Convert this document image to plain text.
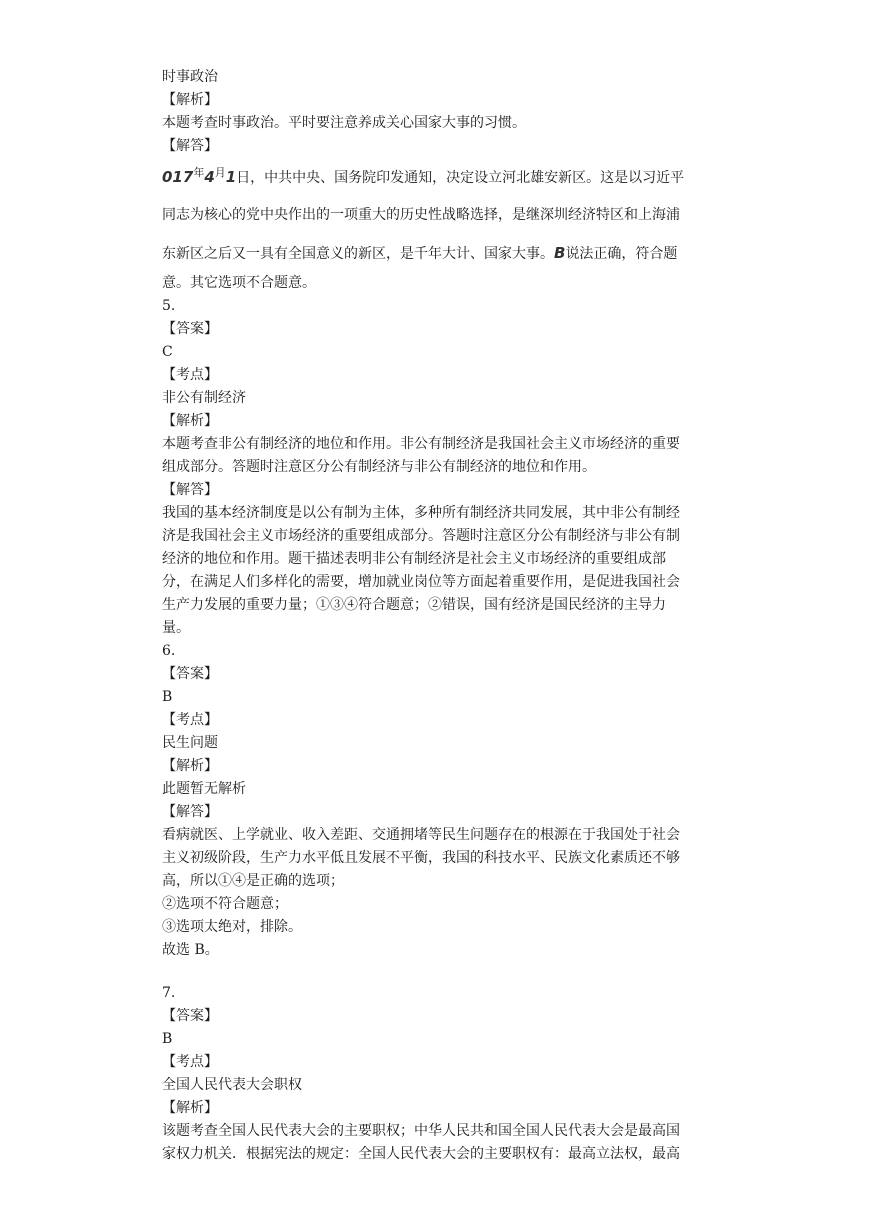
时事政治
【解析】
本题考查时事政治。平时要注意养成关心国家大事的习惯。
【解答】
$017^年4^月1$日，中共中央、国务院印发通知，决定设立河北雄安新区。这是以习近平
同志为核心的党中央作出的一项重大的历史性战略选择，是继深圳经济特区和上海浦
东新区之后又一具有全国意义的新区，是千年大计、国家大事。B说法正确，符合题
意。其它选项不合题意。
5.
【答案】
C
【考点】
非公有制经济
【解析】
本题考查非公有制经济的地位和作用。非公有制经济是我国社会主义市场经济的重要
组成部分。答题时注意区分公有制经济与非公有制经济的地位和作用。
【解答】
我国的基本经济制度是以公有制为主体，多种所有制经济共同发展，其中非公有制经
济是我国社会主义市场经济的重要组成部分。答题时注意区分公有制经济与非公有制
经济的地位和作用。题干描述表明非公有制经济是社会主义市场经济的重要组成部
分，在满足人们多样化的需要，增加就业岗位等方面起着重要作用，是促进我国社会
生产力发展的重要力量；①③④符合题意；②错误，国有经济是国民经济的主导力
量。
6.
【答案】
B
【考点】
民生问题
【解析】
此题暂无解析
【解答】
看病就医、上学就业、收入差距、交通拥堵等民生问题存在的根源在于我国处于社会
主义初级阶段，生产力水平低且发展不平衡，我国的科技水平、民族文化素质还不够
高，所以①④是正确的选项；
②选项不符合题意；
③选项太绝对，排除。
故选 B。
7.
【答案】
B
【考点】
全国人民代表大会职权
【解析】
该题考查全国人民代表大会的主要职权；中华人民共和国全国人民代表大会是最高国
家权力机关．根据宪法的规定：全国人民代表大会的主要职权有：最高立法权，最高
